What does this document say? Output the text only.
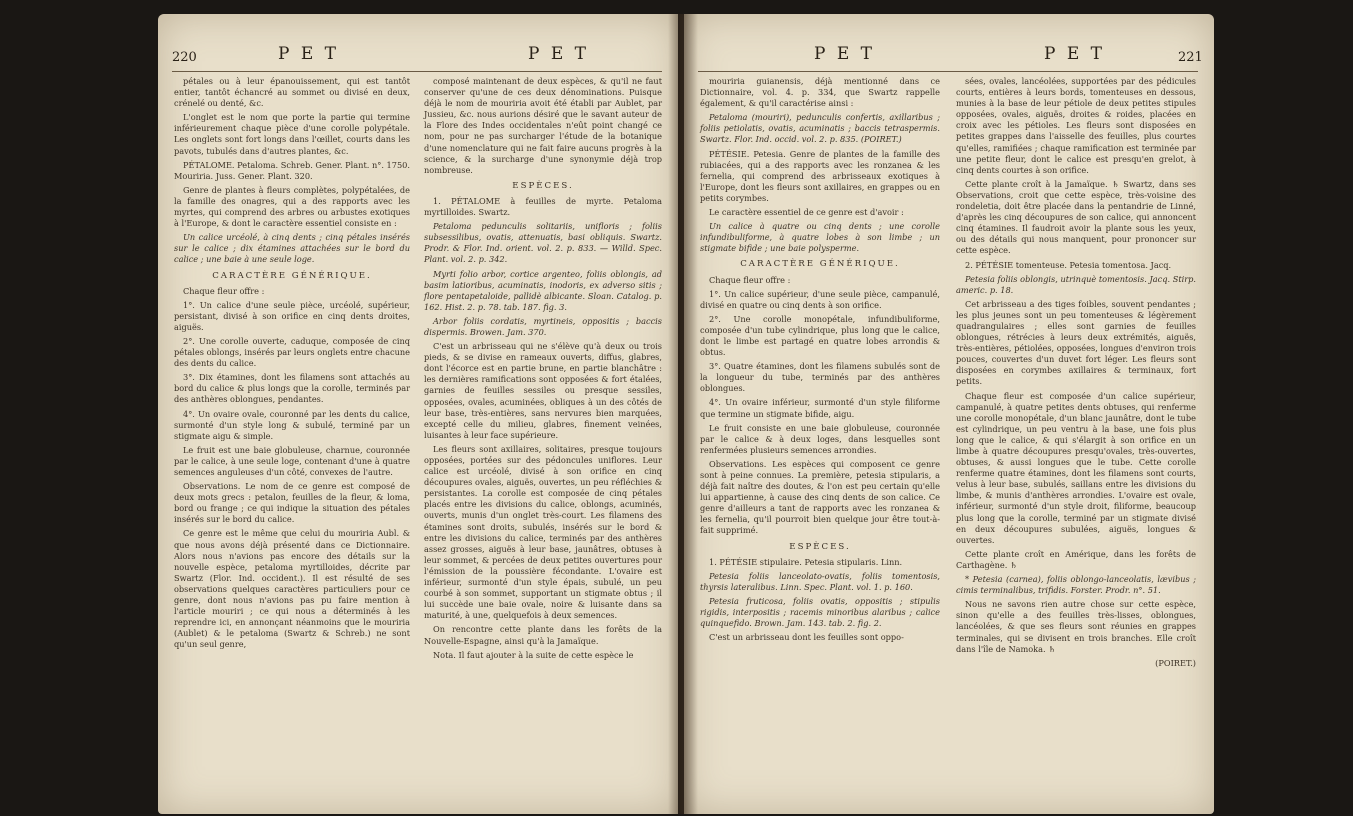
220	P E T	P E T

pétales ou à leur épanouissement, qui est tantôt entier, tantôt échancré au sommet ou divisé en deux, crénelé ou denté, &c.

L'onglet est le nom que porte la partie qui termine inférieurement chaque pièce d'une corolle polypétale. Les onglets sont fort longs dans l'œillet, courts dans les pavots, tubulés dans d'autres plantes, &c.

PÉTALOME. Petaloma. Schreb. Gener. Plant. n°. 1750. Mouriria. Juss. Gener. Plant. 320.

Genre de plantes à fleurs complètes, polypétalées, de la famille des onagres, qui a des rapports avec les myrtes, qui comprend des arbres ou arbustes exotiques à l'Europe, & dont le caractère essentiel consiste en :

Un calice urcéolé, à cinq dents ; cinq pétales insérés sur le calice ; dix étamines attachées sur le bord du calice ; une baie à une seule loge.

CARACTÈRE GÉNÉRIQUE.

Chaque fleur offre :

1°. Un calice d'une seule pièce, urcéolé, supérieur, persistant, divisé à son orifice en cinq dents droites, aiguës.

2°. Une corolle ouverte, caduque, composée de cinq pétales oblongs, insérés par leurs onglets entre chacune des dents du calice.

3°. Dix étamines, dont les filamens sont attachés au bord du calice & plus longs que la corolle, terminés par des anthères oblongues, pendantes.

4°. Un ovaire ovale, couronné par les dents du calice, surmonté d'un style long & subulé, terminé par un stigmate aigu & simple.

Le fruit est une baie globuleuse, charnue, couronnée par le calice, à une seule loge, contenant d'une à quatre semences anguleuses d'un côté, convexes de l'autre.

Observations. Le nom de ce genre est composé de deux mots grecs : petalon, feuilles de la fleur, & loma, bord ou frange ; ce qui indique la situation des pétales insérés sur le bord du calice.

Ce genre est le même que celui du mouriria Aubl. & que nous avons déjà présenté dans ce Dictionnaire. Alors nous n'avions pas encore des détails sur la nouvelle espèce, petaloma myrtilloides, décrite par Swartz (Flor. Ind. occident.). Il est résulté de ses observations quelques caractères particuliers pour ce genre, dont nous n'avions pas pu faire mention à l'article mouriri ; ce qui nous a déterminés à les reprendre ici, en annonçant néanmoins que le mouriria (Aublet) & le petaloma (Swartz & Schreb.) ne sont qu'un seul genre,

composé maintenant de deux espèces, & qu'il ne faut conserver qu'une de ces deux dénominations. Puisque déjà le nom de mouriria avoit été établi par Aublet, par Jussieu, &c. nous aurions désiré que le savant auteur de la Flore des Indes occidentales n'eût point changé ce nom, pour ne pas surcharger l'étude de la botanique d'une nomenclature qui ne fait faire aucuns progrès à la science, & la surcharge d'une synonymie déjà trop nombreuse.

ESPÈCES.

1. PÉTALOME à feuilles de myrte. Petaloma myrtilloides. Swartz.

Petaloma pedunculis solitariis, unifloris ; foliis subsessilibus, ovatis, attenuatis, basi obliquis. Swartz. Prodr. & Flor. Ind. orient. vol. 2. p. 833. — Willd. Spec. Plant. vol. 2. p. 342.

Myrti folio arbor, cortice argenteo, foliis oblongis, ad basim latioribus, acuminatis, inodoris, ex adverso sitis ; flore pentapetaloide, pallidè albicante. Sloan. Catalog. p. 162. Hist. 2. p. 78. tab. 187. fig. 3.

Arbor foliis cordatis, myrtineis, oppositis ; baccis dispermis. Browen. Jam. 370.

C'est un arbrisseau qui ne s'élève qu'à deux ou trois pieds, & se divise en rameaux ouverts, diffus, glabres, dont l'écorce est en partie brune, en partie blanchâtre : les dernières ramifications sont opposées & fort étalées, garnies de feuilles sessiles ou presque sessiles, opposées, ovales, acuminées, obliques à un des côtés de leur base, très-entières, sans nervures bien marquées, excepté celle du milieu, glabres, finement veinées, luisantes à leur face supérieure.

Les fleurs sont axillaires, solitaires, presque toujours opposées, portées sur des pédoncules uniflores. Leur calice est urcéolé, divisé à son orifice en cinq découpures ovales, aiguës, ouvertes, un peu réfléchies & persistantes. La corolle est composée de cinq pétales placés entre les divisions du calice, oblongs, acuminés, ouverts, munis d'un onglet très-court. Les filamens des étamines sont droits, subulés, insérés sur le bord & entre les divisions du calice, terminés par des anthères assez grosses, aiguës à leur base, jaunâtres, obtuses à leur sommet, & percées de deux petites ouvertures pour l'émission de la poussière fécondante. L'ovaire est inférieur, surmonté d'un style épais, subulé, un peu courbé à son sommet, supportant un stigmate obtus ; il lui succède une baie ovale, noire & luisante dans sa maturité, à une, quelquefois à deux semences.

On rencontre cette plante dans les forêts de la Nouvelle-Espagne, ainsi qu'à la Jamaïque.

Nota. Il faut ajouter à la suite de cette espèce le

P E T	P E T	221

mouriria guianensis, déjà mentionné dans ce Dictionnaire, vol. 4. p. 334, que Swartz rappelle également, & qu'il caractérise ainsi :

Petaloma (mouriri), pedunculis confertis, axillaribus ; foliis petiolatis, ovatis, acuminatis ; baccis tetraspermis. Swartz. Flor. Ind. occid. vol. 2. p. 835. (POIRET.)

PÉTÉSIE. Petesia. Genre de plantes de la famille des rubiacées, qui a des rapports avec les ronzanea & les fernelia, qui comprend des arbrisseaux exotiques à l'Europe, dont les fleurs sont axillaires, en grappes ou en petits corymbes.

Le caractère essentiel de ce genre est d'avoir :

Un calice à quatre ou cinq dents ; une corolle infundibuliforme, à quatre lobes à son limbe ; un stigmate bifide ; une baie polysperme.

CARACTÈRE GÉNÉRIQUE.

Chaque fleur offre :

1°. Un calice supérieur, d'une seule pièce, campanulé, divisé en quatre ou cinq dents à son orifice.

2°. Une corolle monopétale, infundibuliforme, composée d'un tube cylindrique, plus long que le calice, dont le limbe est partagé en quatre lobes arrondis & obtus.

3°. Quatre étamines, dont les filamens subulés sont de la longueur du tube, terminés par des anthères oblongues.

4°. Un ovaire inférieur, surmonté d'un style filiforme que termine un stigmate bifide, aigu.

Le fruit consiste en une baie globuleuse, couronnée par le calice & à deux loges, dans lesquelles sont renfermées plusieurs semences arrondies.

Observations. Les espèces qui composent ce genre sont à peine connues. La première, petesia stipularis, a déjà fait naître des doutes, & l'on est peu certain qu'elle lui appartienne, à cause des cinq dents de son calice. Ce genre d'ailleurs a tant de rapports avec les ronzanea & les fernelia, qu'il pourroit bien quelque jour être tout-à-fait supprimé.

ESPÈCES.

1. PÉTÉSIE stipulaire. Petesia stipularis. Linn.

Petesia foliis lanceolato-ovatis, foliis tomentosis, thyrsis lateralibus. Linn. Spec. Plant. vol. 1. p. 160.

Petesia fruticosa, foliis ovatis, oppositis ; stipulis rigidis, interpositis ; racemis minoribus alaribus ; calice quinquefido. Brown. Jam. 143. tab. 2. fig. 2.

C'est un arbrisseau dont les feuilles sont oppo-

sées, ovales, lancéolées, supportées par des pédicules courts, entières à leurs bords, tomenteuses en dessous, munies à la base de leur pétiole de deux petites stipules opposées, ovales, aiguës, droites & roides, placées en croix avec les pétioles. Les fleurs sont disposées en petites grappes dans l'aisselle des feuilles, plus courtes qu'elles, ramifiées ; chaque ramification est terminée par une petite fleur, dont le calice est presqu'en grelot, à cinq dents courtes à son orifice.

Cette plante croît à la Jamaïque. ♄ Swartz, dans ses Observations, croit que cette espèce, très-voisine des rondeletia, doit être placée dans la pentandrie de Linné, d'après les cinq découpures de son calice, qui annoncent cinq étamines. Il faudroit avoir la plante sous les yeux, ou des détails qui nous manquent, pour prononcer sur cette espèce.

2. PÉTÉSIE tomenteuse. Petesia tomentosa. Jacq.

Petesia foliis oblongis, utrinquè tomentosis. Jacq. Stirp. americ. p. 18.

Cet arbrisseau a des tiges foibles, souvent pendantes ; les plus jeunes sont un peu tomenteuses & légèrement quadrangulaires ; elles sont garnies de feuilles oblongues, rétrécies à leurs deux extrémités, aiguës, très-entières, pétiolées, opposées, longues d'environ trois pouces, couvertes d'un duvet fort léger. Les fleurs sont disposées en corymbes axillaires & terminaux, fort petits.

Chaque fleur est composée d'un calice supérieur, campanulé, à quatre petites dents obtuses, qui renferme une corolle monopétale, d'un blanc jaunâtre, dont le tube est cylindrique, un peu ventru à la base, une fois plus long que le calice, & qui s'élargit à son orifice en un limbe à quatre découpures presqu'ovales, très-ouvertes, obtuses, & aussi longues que le tube. Cette corolle renferme quatre étamines, dont les filamens sont courts, velus à leur base, subulés, saillans entre les divisions du limbe, & munis d'anthères arrondies. L'ovaire est ovale, inférieur, surmonté d'un style droit, filiforme, beaucoup plus long que la corolle, terminé par un stigmate divisé en deux découpures subulées, aiguës, longues & ouvertes.

Cette plante croît en Amérique, dans les forêts de Carthagène. ♄

* Petesia (carnea), foliis oblongo-lanceolatis, lævibus ; cimis terminalibus, trifidis. Forster. Prodr. n°. 51.

Nous ne savons rien autre chose sur cette espèce, sinon qu'elle a des feuilles très-lisses, oblongues, lancéolées, & que ses fleurs sont réunies en grappes terminales, qui se divisent en trois branches. Elle croît dans l'île de Namoka. ♄

(POIRET.)
